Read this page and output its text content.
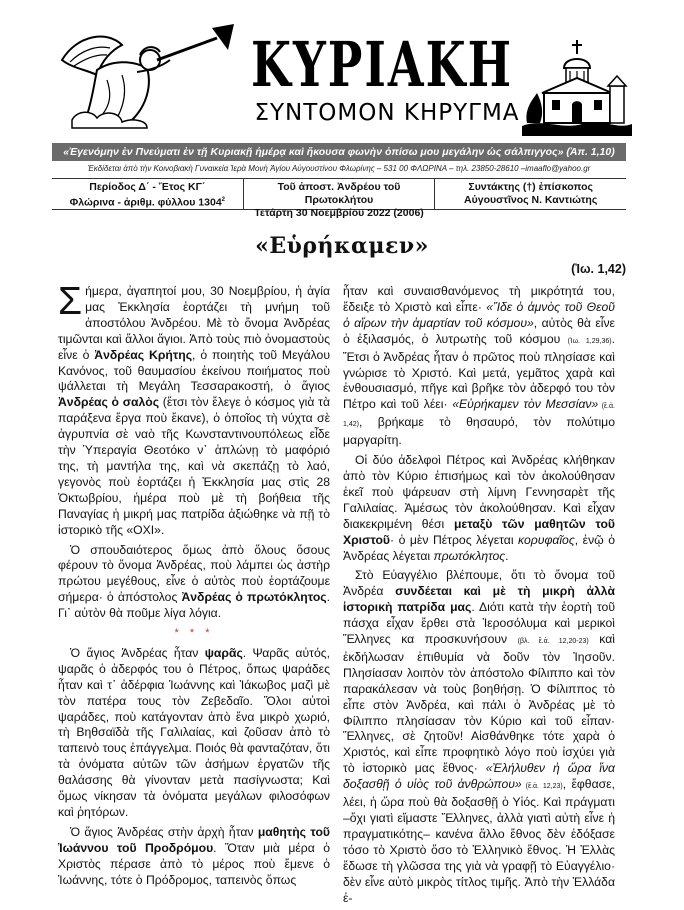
ΚΥΡΙΑΚΗ
ΣΥΝΤΟΜΟΝ ΚΗΡΥΓΜΑ
«Ἐγενόμην ἐν Πνεύματι ἐν τῇ Κυριακῇ ἡμέρᾳ καὶ ἤκουσα φωνὴν ὀπίσω μου μεγάλην ὡς σάλπιγγος» (Ἀπ. 1,10)
Ἐκδίδεται ἀπὸ τὴν Κοινοβιακὴ Γυναικεία Ἱερὰ Μονὴ Ἁγίου Αὐγουστίνου Φλωρίνης – 531 00 ΦΛΩΡΙΝΑ – τηλ. 23850-28610 –imaaflo@yahoo.gr
Περίοδος Δ΄ - Ἔτος ΚΓ΄
Φλώρινα - ἀριθμ. φύλλου 1304$^2$
Τοῦ ἀποστ. Ἀνδρέου τοῦ Πρωτοκλήτου
Τετάρτη 30 Νοεμβρίου 2022 (2006)
Συντάκτης (†) ἐπίσκοπος
Αὐγουστῖνος Ν. Καντιώτης
«Εὑρήκαμεν»
(Ἰω. 1,42)

Σήμερα, ἀγαπητοί μου, 30 Νοεμβρίου, ἡ ἁγία μας Ἐκκλησία ἑορτάζει τὴ μνήμη τοῦ ἀποστόλου Ἀνδρέου. Μὲ τὸ ὄνομα Ἀνδρέας τιμῶνται καὶ ἄλλοι ἅγιοι. Ἀπὸ τοὺς πιὸ ὀνομαστοὺς εἶνε ὁ Ἀνδρέας Κρήτης, ὁ ποιητὴς τοῦ Μεγάλου Κανόνος, τοῦ θαυμασίου ἐκείνου ποιήματος ποὺ ψάλλεται τὴ Μεγάλη Τεσσαρακοστή, ὁ ἅγιος Ἀνδρέας ὁ σαλὸς (ἔτσι τὸν ἔλεγε ὁ κόσμος γιὰ τὰ παράξενα ἔργα ποὺ ἔκανε), ὁ ὁποῖος τὴ νύχτα σὲ ἀγρυπνία σὲ ναὸ τῆς Κωνσταντινουπόλεως εἶδε τὴν Ὑπεραγία Θεοτόκο ν᾽ ἁπλώνῃ τὸ μαφόριό της, τὴ μαντήλα της, καὶ νὰ σκεπάζῃ τὸ λαό, γεγονὸς ποὺ ἑορτάζει ἡ Ἐκκλησία μας στὶς 28 Ὀκτωβρίου, ἡμέρα ποὺ μὲ τὴ βοήθεια τῆς Παναγίας ἡ μικρή μας πατρίδα ἀξιώθηκε νὰ πῇ τὸ ἱστορικὸ τῆς «ΟΧΙ».

Ὁ σπουδαιότερος ὅμως ἀπὸ ὅλους ὅσους φέρουν τὸ ὄνομα Ἀνδρέας, ποὺ λάμπει ὡς ἀστὴρ πρώτου μεγέθους, εἶνε ὁ αὐτὸς ποὺ ἑορτάζουμε σήμερα· ὁ ἀπόστολος Ἀνδρέας ὁ πρωτόκλητος. Γι᾽ αὐτὸν θὰ ποῦμε λίγα λόγια.

* * *

Ὁ ἅγιος Ἀνδρέας ἦταν ψαρᾶς. Ψαρᾶς αὐτός, ψαρᾶς ὁ ἀδερφός του ὁ Πέτρος, ὅπως ψαράδες ἦταν καὶ τ᾽ ἀδέρφια Ἰωάννης καὶ Ἰάκωβος μαζὶ μὲ τὸν πατέρα τους τὸν Ζεβεδαῖο. Ὅλοι αὐτοὶ ψαράδες, ποὺ κατάγονταν ἀπὸ ἕνα μικρὸ χωριό, τὴ Βηθσαϊδὰ τῆς Γαλιλαίας, καὶ ζοῦσαν ἀπὸ τὸ ταπεινὸ τους ἐπάγγελμα. Ποιός θὰ φανταζόταν, ὅτι τὰ ὀνόματα αὐτῶν τῶν ἀσήμων ἐργατῶν τῆς θαλάσσης θὰ γίνονταν μετὰ πασίγνωστα; Καὶ ὅμως νίκησαν τὰ ὀνόματα μεγάλων φιλοσόφων καὶ ῥητόρων.

Ὁ ἅγιος Ἀνδρέας στὴν ἀρχὴ ἦταν μαθητὴς τοῦ Ἰωάννου τοῦ Προδρόμου. Ὅταν μιὰ μέρα ὁ Χριστὸς πέρασε ἀπὸ τὸ μέρος ποὺ ἔμενε ὁ Ἰωάννης, τότε ὁ Πρόδρομος, ταπεινὸς ὅπως

ἦταν καὶ συναισθανόμενος τὴ μικρότητά του, ἔδειξε τὸ Χριστὸ καὶ εἶπε· «Ἴδε ὁ ἀμνὸς τοῦ Θεοῦ ὁ αἴρων τὴν ἁμαρτίαν τοῦ κόσμου», αὐτὸς θὰ εἶνε ὁ ἐξιλασμός, ὁ λυτρωτὴς τοῦ κόσμου (Ἰω. 1,29,36). Ἔτσι ὁ Ἀνδρέας ἦταν ὁ πρῶτος ποὺ πλησίασε καὶ γνώρισε τὸ Χριστό. Καὶ μετά, γεμᾶτος χαρὰ καὶ ἐνθουσιασμό, πῆγε καὶ βρῆκε τὸν ἀδερφό του τὸν Πέτρο καὶ τοῦ λέει· «Εὑρήκαμεν τὸν Μεσσίαν» (ἔ.ἀ. 1,42), βρήκαμε τὸ θησαυρό, τὸν πολύτιμο μαργαρίτη.

Οἱ δύο ἀδελφοὶ Πέτρος καὶ Ἀνδρέας κλήθηκαν ἀπὸ τὸν Κύριο ἐπισήμως καὶ τὸν ἀκολούθησαν ἐκεῖ ποὺ ψάρευαν στὴ λίμνη Γεννησαρὲτ τῆς Γαλιλαίας. Ἀμέσως τὸν ἀκολούθησαν. Καὶ εἶχαν διακεκριμένη θέσι μεταξὺ τῶν μαθητῶν τοῦ Χριστοῦ· ὁ μὲν Πέτρος λέγεται κορυφαῖος, ἐνῷ ὁ Ἀνδρέας λέγεται πρωτόκλητος.

Στὸ Εὐαγγέλιο βλέπουμε, ὅτι τὸ ὄνομα τοῦ Ἀνδρέα συνδέεται καὶ μὲ τὴ μικρὴ ἀλλὰ ἱστορικὴ πατρίδα μας. Διότι κατὰ τὴν ἑορτὴ τοῦ πάσχα εἶχαν ἔρθει στὰ Ἱεροσόλυμα καὶ μερικοὶ Ἕλληνες κα προσκυνήσουν (βλ. ἔ.ἀ. 12,20-23) καὶ ἐκδήλωσαν ἐπιθυμία νὰ δοῦν τὸν Ἰησοῦν. Πλησίασαν λοιπὸν τὸν ἀπόστολο Φίλιππο καὶ τὸν παρακάλεσαν νὰ τοὺς βοηθήσῃ. Ὁ Φίλιππος τὸ εἶπε στὸν Ἀνδρέα, καὶ πάλι ὁ Ἀνδρέας μὲ τὸ Φίλιππο πλησίασαν τὸν Κύριο καὶ τοῦ εἶπαν· Ἕλληνες, σὲ ζητοῦν! Αἰσθάνθηκε τότε χαρὰ ὁ Χριστός, καὶ εἶπε προφητικὸ λόγο ποὺ ἰσχύει γιὰ τὸ ἱστορικὸ μας ἔθνος· «Ἐλήλυθεν ἡ ὥρα ἵνα δοξασθῇ ὁ υἱὸς τοῦ ἀνθρώπου» (ἔ.ἀ. 12,23), ἔφθασε, λέει, ἡ ὥρα ποὺ θὰ δοξασθῇ ὁ Υἱός. Καὶ πράγματι –ὄχι γιατὶ εἴμαστε Ἕλληνες, ἀλλὰ γιατὶ αὐτὴ εἶνε ἡ πραγματικότης– κανένα ἄλλο ἔθνος δὲν ἐδόξασε τόσο τὸ Χριστὸ ὅσο τὸ Ἑλληνικὸ ἔθνος. Ἡ Ἑλλὰς ἔδωσε τὴ γλῶσσα της γιὰ νὰ γραφῇ τὸ Εὐαγγέλιο· δὲν εἶνε αὐτὸ μικρὸς τίτλος τιμῆς. Ἀπὸ τὴν Ἑλλάδα ἐ-
